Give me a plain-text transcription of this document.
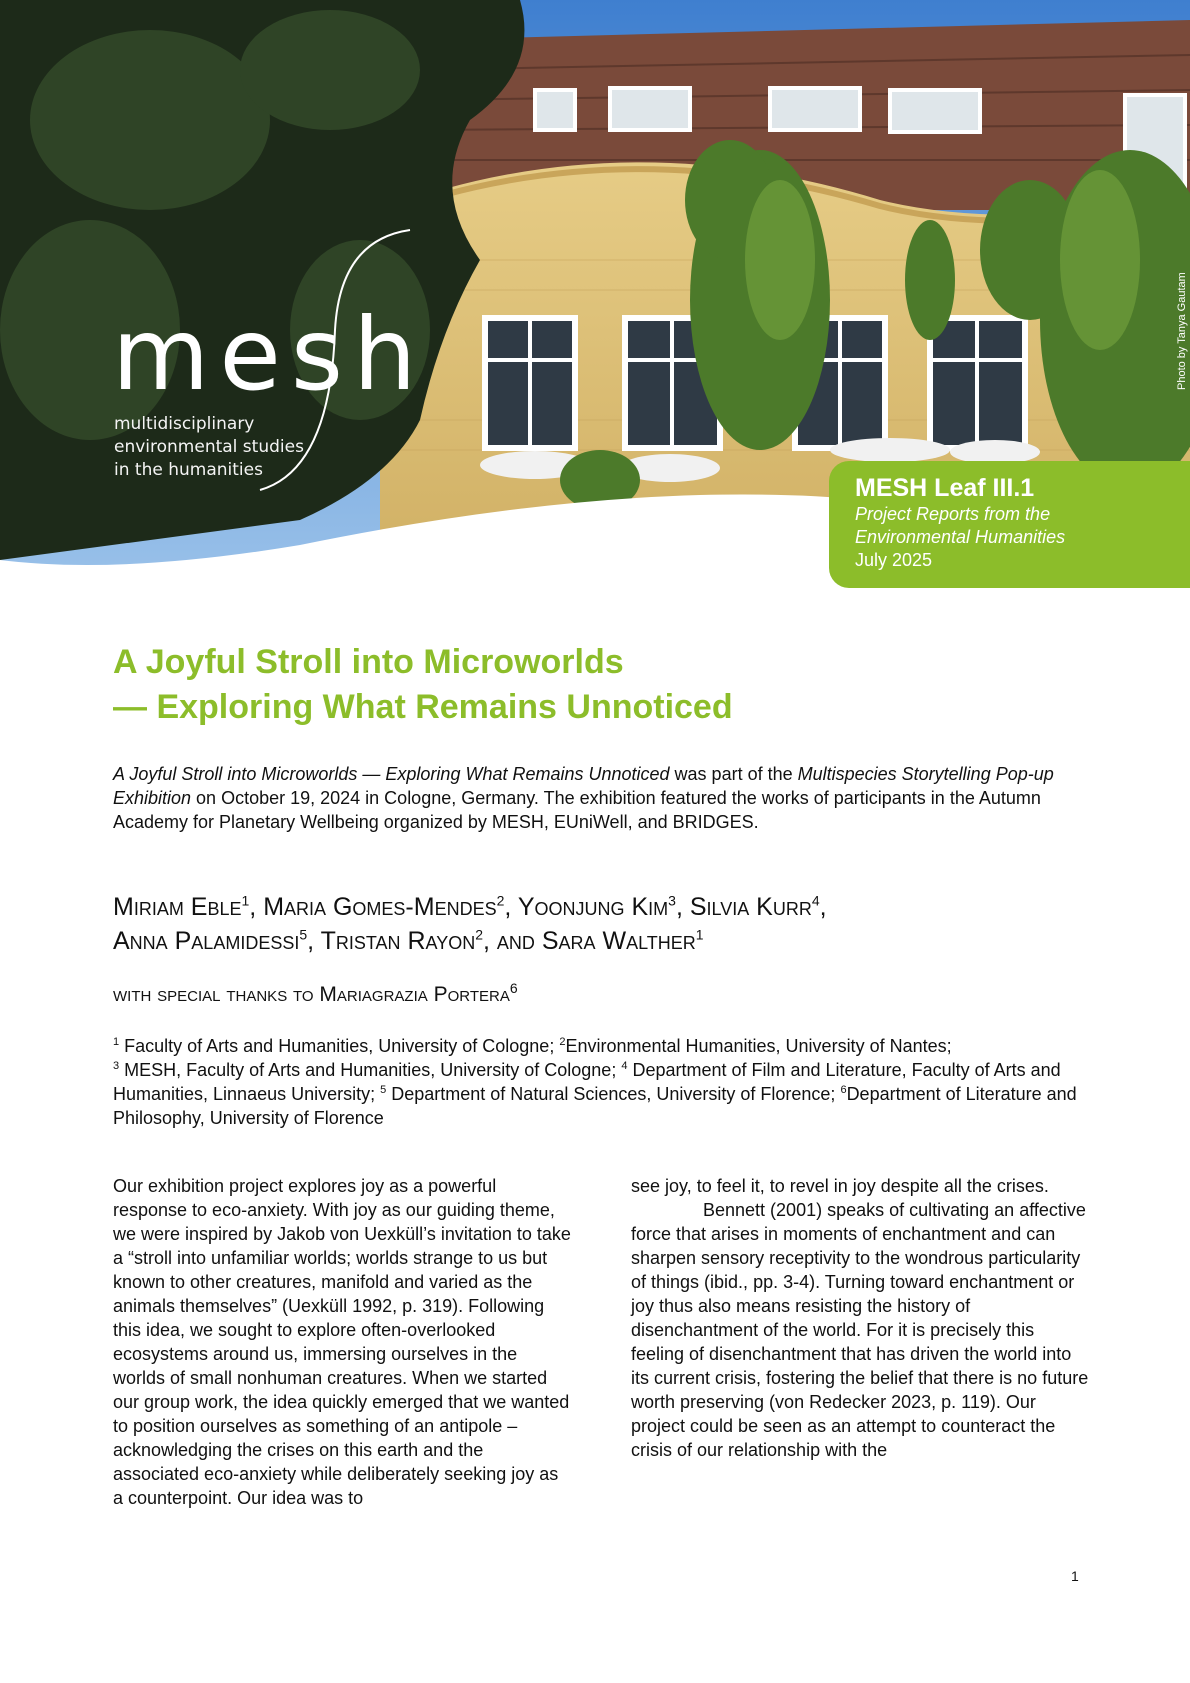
mesh
multidisciplinary
environmental studies
in the humanities
Photo by Tanya Gautam
MESH Leaf III.1
Project Reports from the
Environmental Humanities
July 2025
A Joyful Stroll into Microworlds
— Exploring What Remains Unnoticed
A Joyful Stroll into Microworlds — Exploring What Remains Unnoticed was part of the Multispecies Storytelling Pop-up Exhibition on October 19, 2024 in Cologne, Germany. The exhibition featured the works of participants in the Autumn Academy for Planetary Wellbeing organized by MESH, EUniWell, and BRIDGES.
Miriam Eble$^1$, Maria Gomes-Mendes$^2$, Yoonjung Kim$^3$, Silvia Kurr$^4$,
Anna Palamidessi$^5$, Tristan Rayon$^2$, and Sara Walther$^1$
with special thanks to Mariagrazia Portera$^6$
$^1$ Faculty of Arts and Humanities, University of Cologne; $^2$Environmental Humanities, University of Nantes;
$^3$ MESH, Faculty of Arts and Humanities, University of Cologne; $^4$ Department of Film and Literature, Faculty of Arts and Humanities, Linnaeus University; $^5$ Department of Natural Sciences, University of Florence; $^6$Department of Literature and Philosophy, University of Florence

Our exhibition project explores joy as a powerful response to eco-anxiety. With joy as our guiding theme, we were inspired by Jakob von Uexküll’s invitation to take a “stroll into unfamiliar worlds; worlds strange to us but known to other creatures, manifold and varied as the animals themselves” (Uexküll 1992, p. 319). Following this idea, we sought to explore often-overlooked ecosystems around us, immersing ourselves in the worlds of small nonhuman creatures. When we started our group work, the idea quickly emerged that we wanted to position ourselves as something of an antipole – acknowledging the crises on this earth and the associated eco-anxiety while deliberately seeking joy as a counterpoint. Our idea was to

see joy, to feel it, to revel in joy despite all the crises.

Bennett (2001) speaks of cultivating an affective force that arises in moments of enchantment and can sharpen sensory receptivity to the wondrous particularity of things (ibid., pp. 3-4). Turning toward enchantment or joy thus also means resisting the history of disenchantment of the world. For it is precisely this feeling of disenchantment that has driven the world into its current crisis, fostering the belief that there is no future worth preserving (von Redecker 2023, p. 119). Our project could be seen as an attempt to counteract the crisis of our relationship with the

1
